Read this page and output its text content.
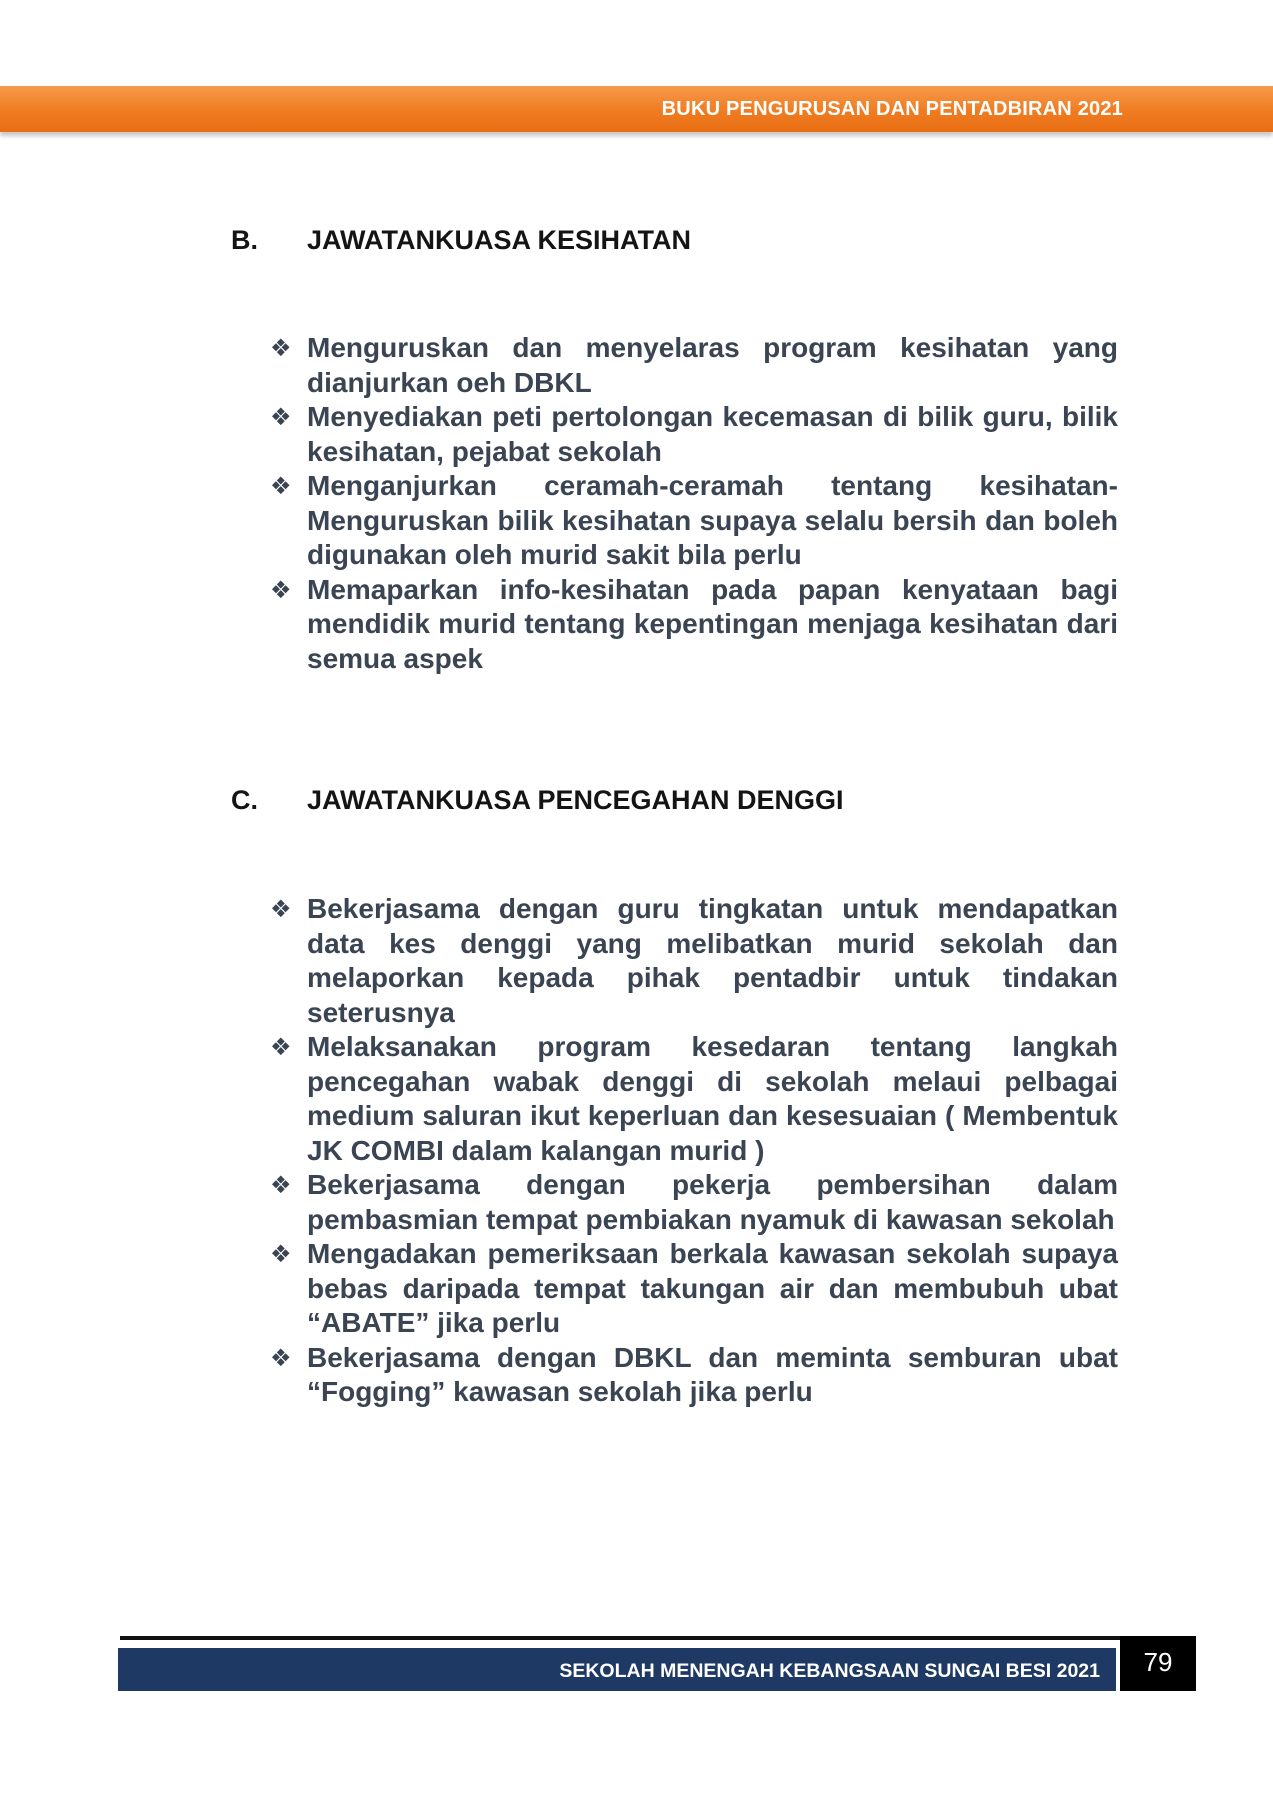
BUKU PENGURUSAN DAN PENTADBIRAN 2021
B. JAWATANKUASA KESIHATAN
❖ Menguruskan dan menyelaras program kesihatan yang dianjurkan oeh DBKL
❖ Menyediakan peti pertolongan kecemasan di bilik guru, bilik kesihatan, pejabat sekolah
❖ Menganjurkan ceramah-ceramah tentang kesihatan- Menguruskan bilik kesihatan supaya selalu bersih dan boleh digunakan oleh murid sakit bila perlu
❖ Memaparkan info-kesihatan pada papan kenyataan bagi mendidik murid tentang kepentingan menjaga kesihatan dari semua aspek
C. JAWATANKUASA PENCEGAHAN DENGGI
❖ Bekerjasama dengan guru tingkatan untuk mendapatkan data kes denggi yang melibatkan murid sekolah dan melaporkan kepada pihak pentadbir untuk tindakan seterusnya
❖ Melaksanakan program kesedaran tentang langkah pencegahan wabak denggi di sekolah melaui pelbagai medium saluran ikut keperluan dan kesesuaian ( Membentuk JK COMBI dalam kalangan murid )
❖ Bekerjasama dengan pekerja pembersihan dalam pembasmian tempat pembiakan nyamuk di kawasan sekolah
❖ Mengadakan pemeriksaan berkala kawasan sekolah supaya bebas daripada tempat takungan air dan membubuh ubat “ABATE” jika perlu
❖ Bekerjasama dengan DBKL dan meminta semburan ubat “Fogging” kawasan sekolah jika perlu
SEKOLAH MENENGAH KEBANGSAAN SUNGAI BESI 2021	79
